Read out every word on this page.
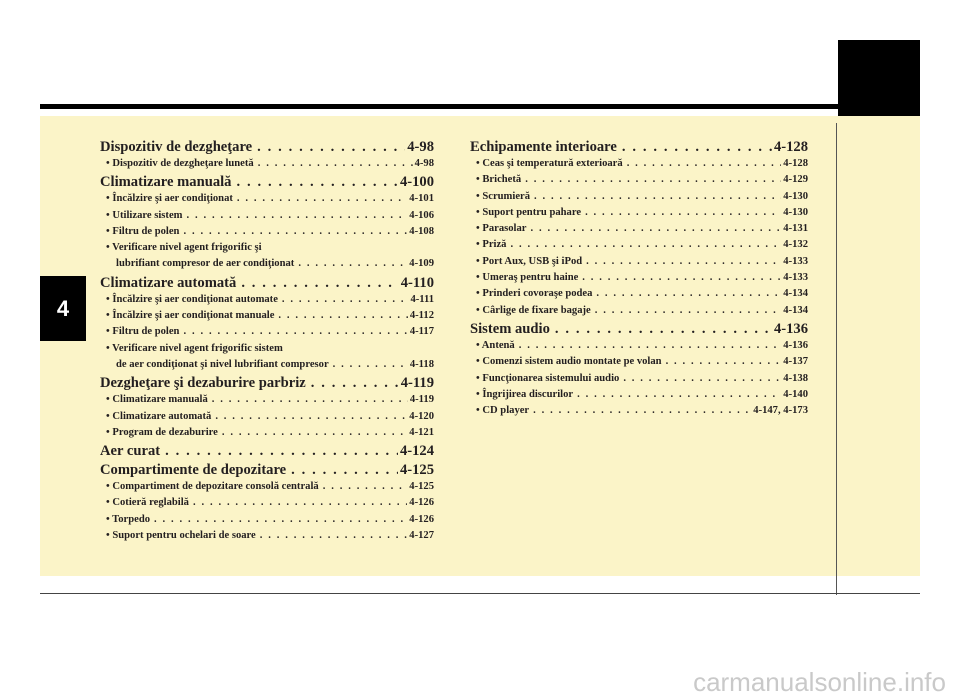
4
Dispozitiv de dezgheţare . . .	4-98
• Dispozitiv de dezgheţare lunetă . . .	4-98
Climatizare manuală . . .	4-100
• Încălzire şi aer condiţionat . . .	4-101
• Utilizare sistem . . .	4-106
• Filtru de polen . . .	4-108
• Verificare nivel agent frigorific şi
lubrifiant compresor de aer condiţionat . . .	4-109
Climatizare automată . . .	4-110
• Încălzire şi aer condiţionat automate . . .	4-111
• Încălzire şi aer condiţionat manuale . . .	4-112
• Filtru de polen . . .	4-117
• Verificare nivel agent frigorific sistem
de aer condiţionat şi nivel lubrifiant compresor . . .	4-118
Dezgheţare şi dezaburire parbriz . . .	4-119
• Climatizare manuală . . .	4-119
• Climatizare automată . . .	4-120
• Program de dezaburire . . .	4-121
Aer curat . . .	4-124
Compartimente de depozitare . . .	4-125
• Compartiment de depozitare consolă centrală . . .	4-125
• Cotieră reglabilă . . .	4-126
• Torpedo . . .	4-126
• Suport pentru ochelari de soare . . .	4-127
Echipamente interioare . . .	4-128
• Ceas şi temperatură exterioară . . .	4-128
• Brichetă . . .	4-129
• Scrumieră . . .	4-130
• Suport pentru pahare . . .	4-130
• Parasolar . . .	4-131
• Priză . . .	4-132
• Port Aux, USB şi iPod . . .	4-133
• Umeraş pentru haine . . .	4-133
• Prinderi covoraşe podea . . .	4-134
• Cârlige de fixare bagaje . . .	4-134
Sistem audio . . .	4-136
• Antenă . . .	4-136
• Comenzi sistem audio montate pe volan . . .	4-137
• Funcţionarea sistemului audio . . .	4-138
• Îngrijirea discurilor . . .	4-140
• CD player . . .	4-147, 4-173
carmanualsonline.info
